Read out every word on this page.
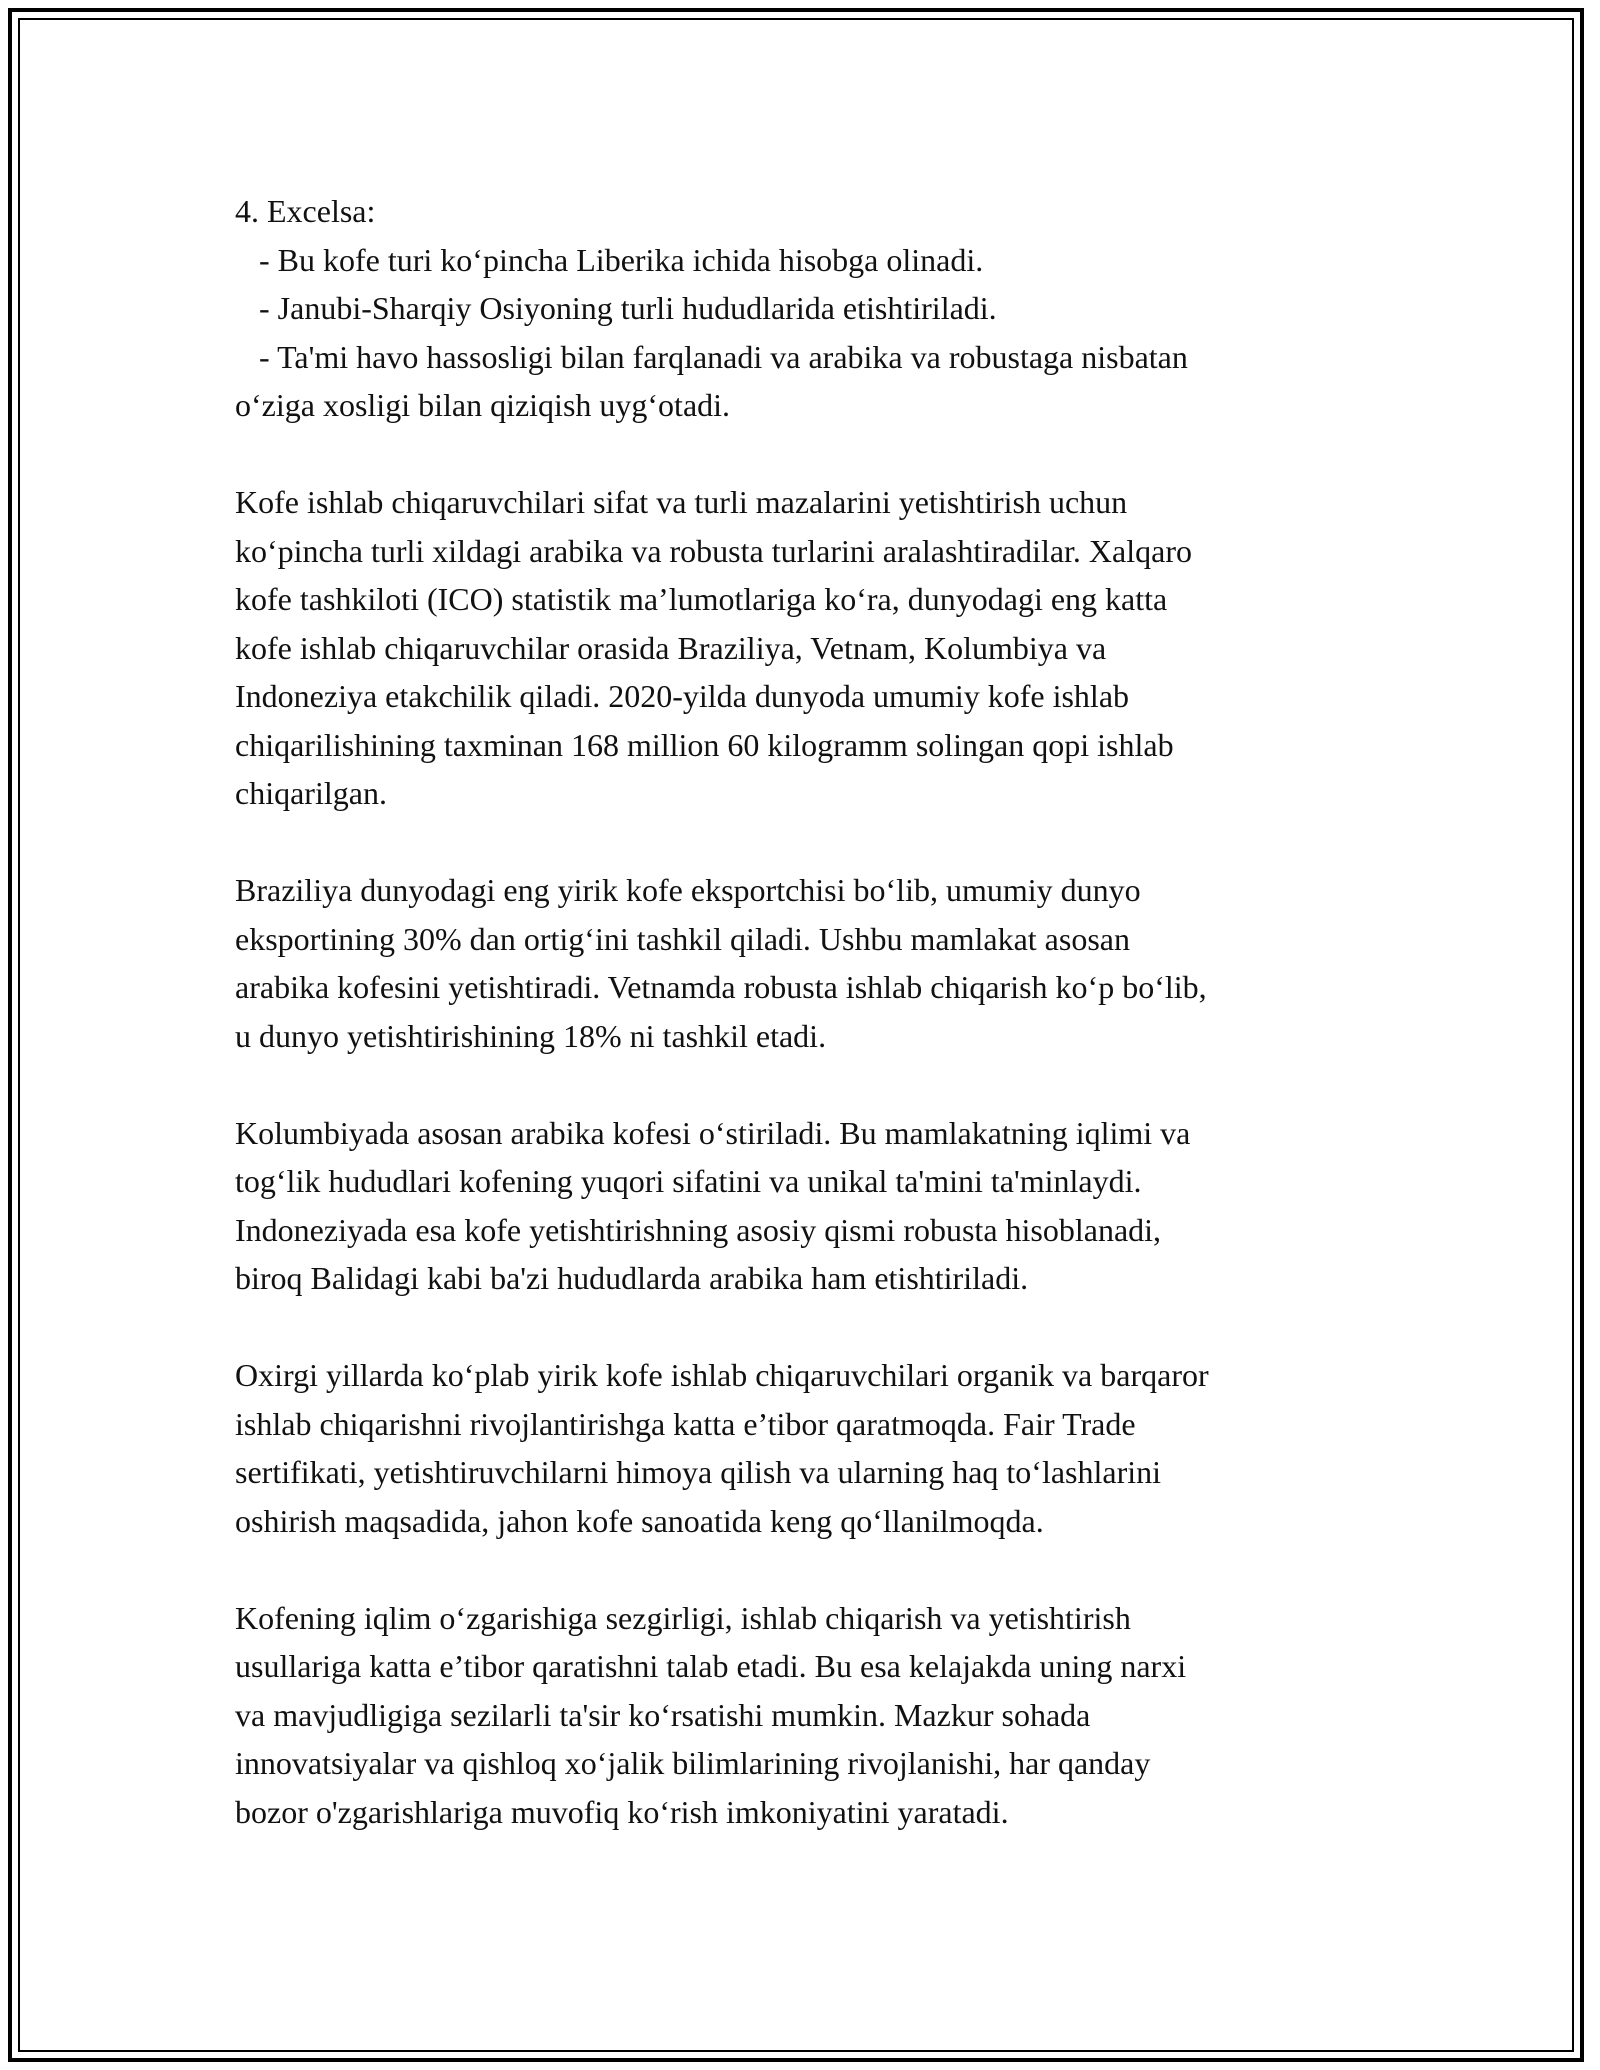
4. Excelsa:

- Bu kofe turi ko‘pincha Liberika ichida hisobga olinadi.

- Janubi-Sharqiy Osiyoning turli hududlarida etishtiriladi.

- Ta'mi havo hassosligi bilan farqlanadi va arabika va robustaga nisbatan

o‘ziga xosligi bilan qiziqish uyg‘otadi.

Kofe ishlab chiqaruvchilari sifat va turli mazalarini yetishtirish uchun

ko‘pincha turli xildagi arabika va robusta turlarini aralashtiradilar. Xalqaro

kofe tashkiloti (ICO) statistik ma’lumotlariga ko‘ra, dunyodagi eng katta

kofe ishlab chiqaruvchilar orasida Braziliya, Vetnam, Kolumbiya va

Indoneziya etakchilik qiladi. 2020-yilda dunyoda umumiy kofe ishlab

chiqarilishining taxminan 168 million 60 kilogramm solingan qopi ishlab

chiqarilgan.

Braziliya dunyodagi eng yirik kofe eksportchisi bo‘lib, umumiy dunyo

eksportining 30% dan ortig‘ini tashkil qiladi. Ushbu mamlakat asosan

arabika kofesini yetishtiradi. Vetnamda robusta ishlab chiqarish ko‘p bo‘lib,

u dunyo yetishtirishining 18% ni tashkil etadi.

Kolumbiyada asosan arabika kofesi o‘stiriladi. Bu mamlakatning iqlimi va

tog‘lik hududlari kofening yuqori sifatini va unikal ta'mini ta'minlaydi.

Indoneziyada esa kofe yetishtirishning asosiy qismi robusta hisoblanadi,

biroq Balidagi kabi ba'zi hududlarda arabika ham etishtiriladi.

Oxirgi yillarda ko‘plab yirik kofe ishlab chiqaruvchilari organik va barqaror

ishlab chiqarishni rivojlantirishga katta e’tibor qaratmoqda. Fair Trade

sertifikati, yetishtiruvchilarni himoya qilish va ularning haq to‘lashlarini

oshirish maqsadida, jahon kofe sanoatida keng qo‘llanilmoqda.

Kofening iqlim o‘zgarishiga sezgirligi, ishlab chiqarish va yetishtirish

usullariga katta e’tibor qaratishni talab etadi. Bu esa kelajakda uning narxi

va mavjudligiga sezilarli ta'sir ko‘rsatishi mumkin. Mazkur sohada

innovatsiyalar va qishloq xo‘jalik bilimlarining rivojlanishi, har qanday

bozor o'zgarishlariga muvofiq ko‘rish imkoniyatini yaratadi.
